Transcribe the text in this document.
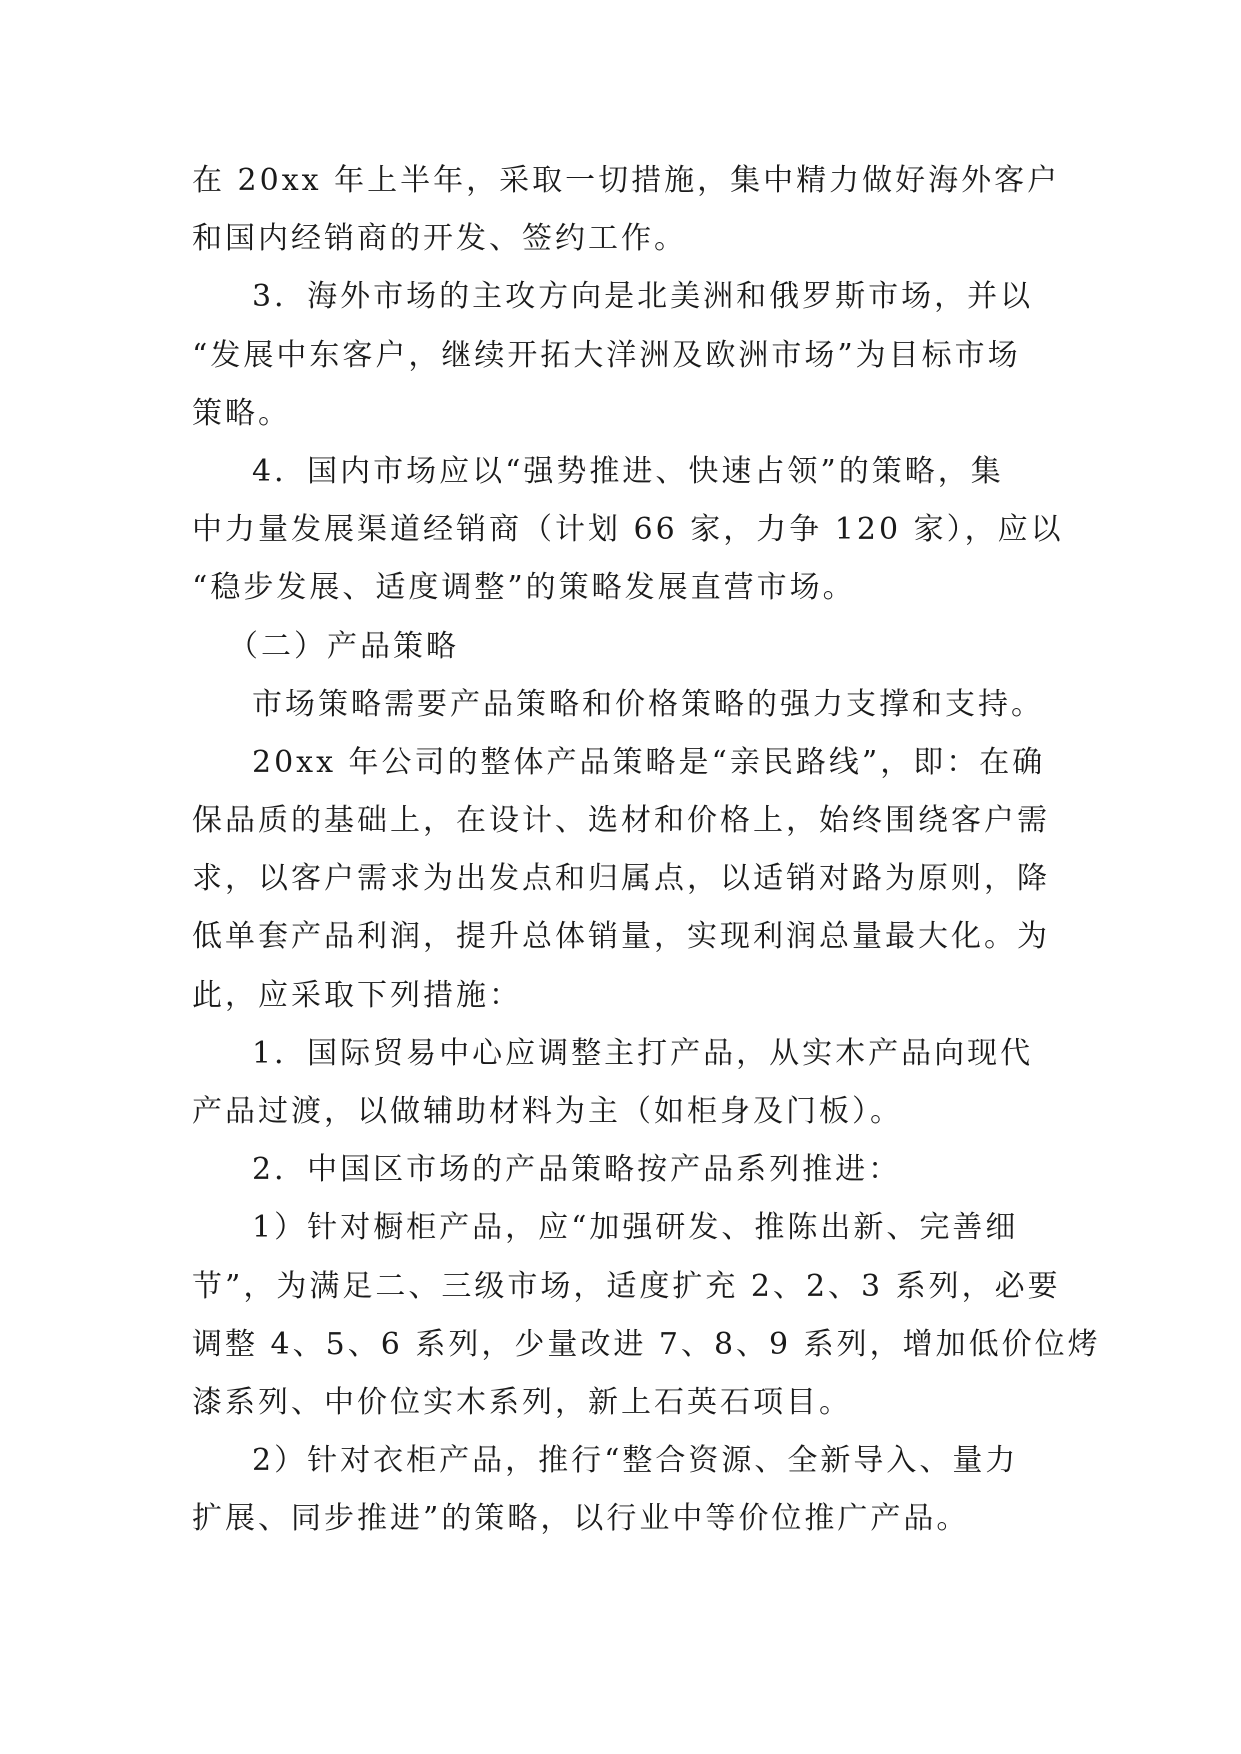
在 20xx 年上半年，采取一切措施，集中精力做好海外客户
和国内经销商的开发、签约工作。
3．海外市场的主攻方向是北美洲和俄罗斯市场，并以
“发展中东客户，继续开拓大洋洲及欧洲市场”为目标市场
策略。
4．国内市场应以“强势推进、快速占领”的策略，集
中力量发展渠道经销商（计划 66 家，力争 120 家），应以
“稳步发展、适度调整”的策略发展直营市场。
（二）产品策略
市场策略需要产品策略和价格策略的强力支撑和支持。
20xx 年公司的整体产品策略是“亲民路线”，即：在确
保品质的基础上，在设计、选材和价格上，始终围绕客户需
求，以客户需求为出发点和归属点，以适销对路为原则，降
低单套产品利润，提升总体销量，实现利润总量最大化。为
此，应采取下列措施：
1．国际贸易中心应调整主打产品，从实木产品向现代
产品过渡，以做辅助材料为主（如柜身及门板）。
2．中国区市场的产品策略按产品系列推进：
1）针对橱柜产品，应“加强研发、推陈出新、完善细
节”，为满足二、三级市场，适度扩充 2、2、3 系列，必要
调整 4、5、6 系列，少量改进 7、8、9 系列，增加低价位烤
漆系列、中价位实木系列，新上石英石项目。
2）针对衣柜产品，推行“整合资源、全新导入、量力
扩展、同步推进”的策略，以行业中等价位推广产品。
